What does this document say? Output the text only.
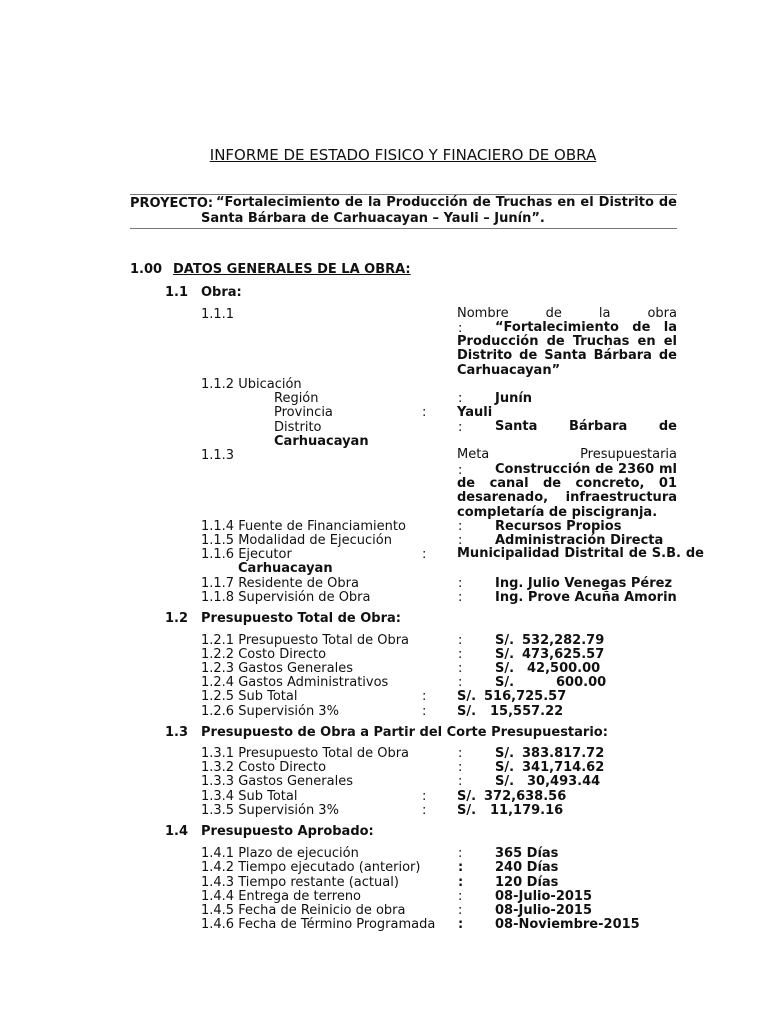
INFORME DE ESTADO FISICO Y FINACIERO DE OBRA
PROYECTO: “Fortalecimiento de la Producción de Truchas en el Distrito de
Santa Bárbara de Carhuacayan – Yauli – Junín”.
1.00 DATOS GENERALES DE LA OBRA:
1.1 Obra:
1.1.1	Nombre de la obra
:	“Fortalecimiento de la
Producción de Truchas en el
Distrito de Santa Bárbara de
Carhuacayan”
1.1.2 Ubicación
Región	:	Junín
Provincia	: Yauli
Distrito	:	Santa Bárbara de
Carhuacayan
1.1.3	Meta Presupuestaria
:	Construcción de 2360 ml
de canal de concreto, 01
desarenado, infraestructura
completaría de piscigranja.
1.1.4 Fuente de Financiamiento	:	Recursos Propios
1.1.5 Modalidad de Ejecución	:	Administración Directa
1.1.6 Ejecutor	: Municipalidad Distrital de S.B. de
Carhuacayan
1.1.7 Residente de Obra	:	Ing. Julio Venegas Pérez
1.1.8 Supervisión de Obra	:	Ing. Prove Acuña Amorin
1.2 Presupuesto Total de Obra:
1.2.1 Presupuesto Total de Obra	:	S/. 532,282.79
1.2.2 Costo Directo	:	S/. 473,625.57
1.2.3 Gastos Generales	:	S/. 42,500.00
1.2.4 Gastos Administrativos	:	S/.	600.00
1.2.5 Sub Total	: S/. 516,725.57
1.2.6 Supervisión 3%	: S/. 15,557.22
1.3 Presupuesto de Obra a Partir del Corte Presupuestario:
1.3.1 Presupuesto Total de Obra	:	S/. 383.817.72
1.3.2 Costo Directo	:	S/. 341,714.62
1.3.3 Gastos Generales	:	S/. 30,493.44
1.3.4 Sub Total	: S/. 372,638.56
1.3.5 Supervisión 3%	: S/. 11,179.16
1.4 Presupuesto Aprobado:
1.4.1 Plazo de ejecución	:	365 Días
1.4.2 Tiempo ejecutado (anterior)	: 240 Días
1.4.3 Tiempo restante (actual)	: 120 Días
1.4.4 Entrega de terreno	:	08-Julio-2015
1.4.5 Fecha de Reinicio de obra	:	08-Julio-2015
1.4.6 Fecha de Término Programada : 08-Noviembre-2015
